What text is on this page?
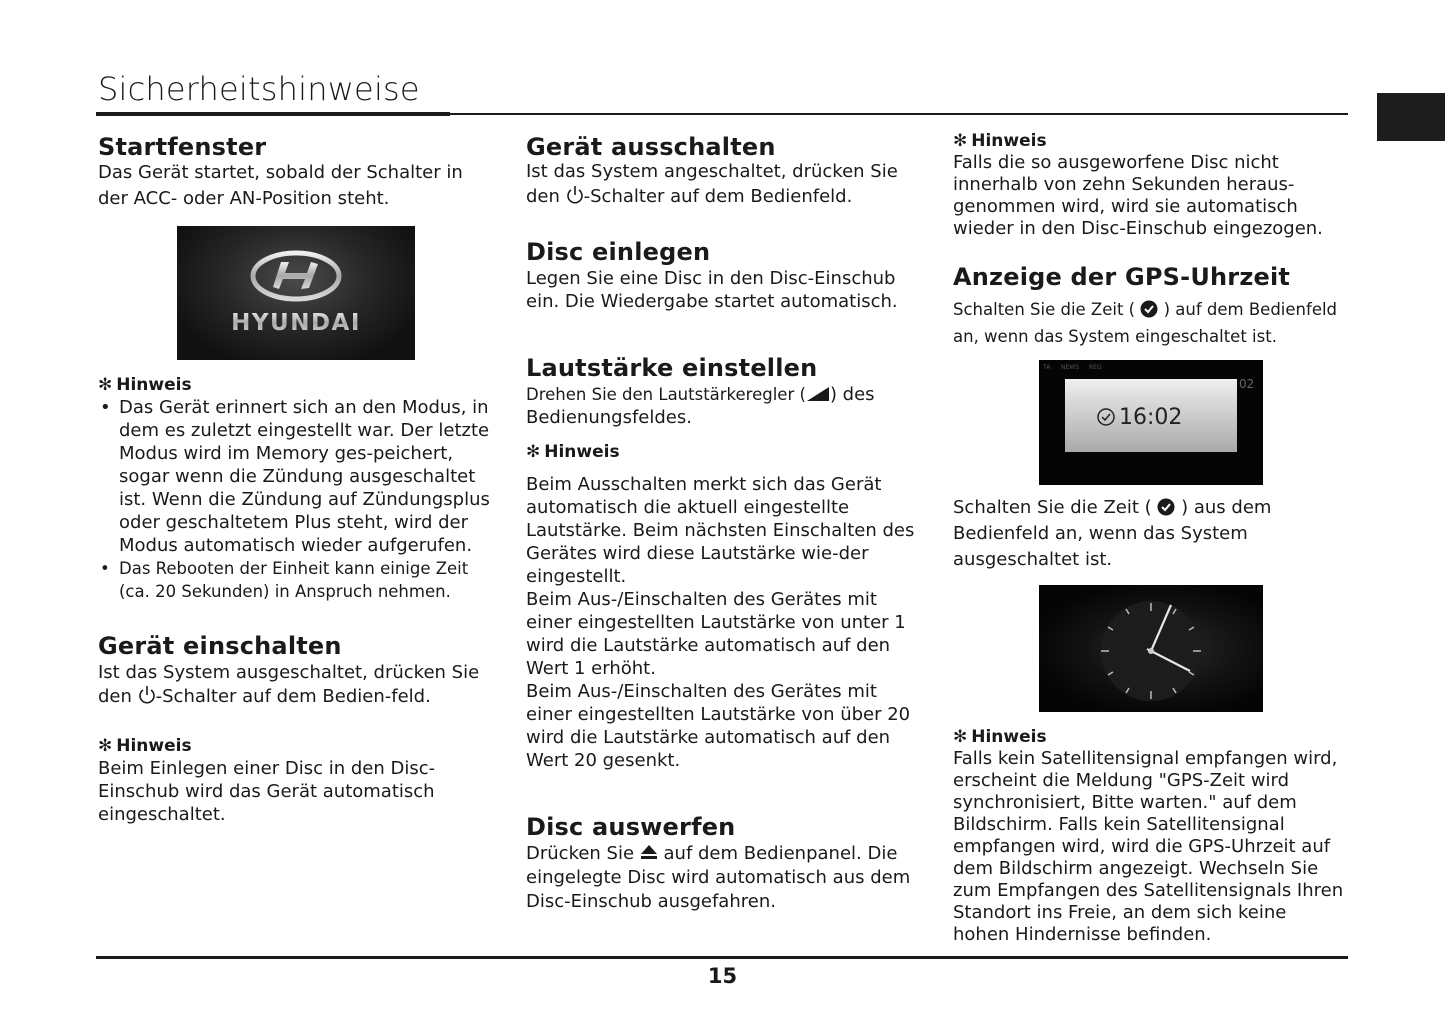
Sicherheitshinweise
Startfenster

Das Gerät startet, sobald der Schalter in der ACC- oder AN-Position steht.

HYUNDAI

✻ Hinweis

• Das Gerät erinnert sich an den Modus, in dem es zuletzt eingestellt war. Der letzte Modus wird im Memory ges-peichert, sogar wenn die Zündung ausgeschaltet ist. Wenn die Zündung auf Zündungsplus oder geschaltetem Plus steht, wird der Modus automatisch wieder aufgerufen.
• Das Rebooten der Einheit kann einige Zeit (ca. 20 Sekunden) in Anspruch nehmen.
Gerät einschalten

Ist das System ausgeschaltet, drücken Sie den -Schalter auf dem Bedien-feld.

✻ Hinweis

Beim Einlegen einer Disc in den Disc-Einschub wird das Gerät automatisch eingeschaltet.

Gerät ausschalten

Ist das System angeschaltet, drücken Sie den -Schalter auf dem Bedienfeld.

Disc einlegen

Legen Sie eine Disc in den Disc-Einschub ein. Die Wiedergabe startet automatisch.

Lautstärke einstellen

Drehen Sie den Lautstärkeregler ( ) des Bedienungsfeldes.

✻ Hinweis

Beim Ausschalten merkt sich das Gerät automatisch die aktuell eingestellte Lautstärke. Beim nächsten Einschalten des Gerätes wird diese Lautstärke wie-der eingestellt.

Beim Aus-/Einschalten des Gerätes mit einer eingestellten Lautstärke von unter 1 wird die Lautstärke automatisch auf den Wert 1 erhöht.

Beim Aus-/Einschalten des Gerätes mit einer eingestellten Lautstärke von über 20 wird die Lautstärke automatisch auf den Wert 20 gesenkt.

Disc auswerfen

Drücken Sie  auf dem Bedienpanel. Die eingelegte Disc wird automatisch aus dem Disc-Einschub ausgefahren.

✻ Hinweis

Falls die so ausgeworfene Disc nicht innerhalb von zehn Sekunden heraus-genommen wird, wird sie automatisch wieder in den Disc-Einschub eingezogen.

Anzeige der GPS-Uhrzeit

Schalten Sie die Zeit (  ) auf dem Bedienfeld an, wenn das System eingeschaltet ist.

TA NEWS REG
02
16:02

Schalten Sie die Zeit (  ) aus dem Bedienfeld an, wenn das System ausgeschaltet ist.

✻ Hinweis

Falls kein Satellitensignal empfangen wird, erscheint die Meldung "GPS-Zeit wird synchronisiert, Bitte warten." auf dem Bildschirm. Falls kein Satellitensignal empfangen wird, wird die GPS-Uhrzeit auf dem Bildschirm angezeigt. Wechseln Sie zum Empfangen des Satellitensignals Ihren Standort ins Freie, an dem sich keine hohen Hindernisse befinden.

15
